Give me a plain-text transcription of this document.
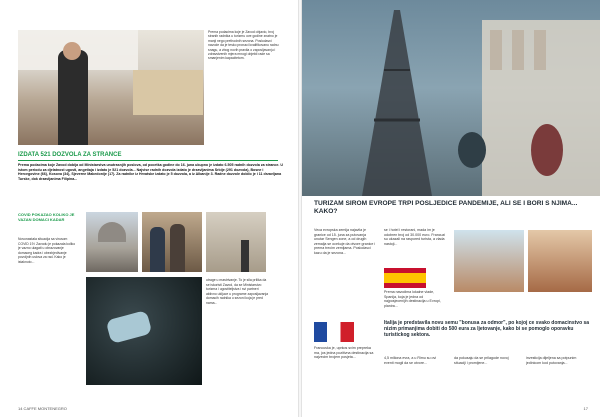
Prema podacima koje je Zavod objavio, broj stranih radnika u turizmu ove godine znatno je manji nego prethodnih sezona. Poslodavci navode da je tesko pronaci kvalifikovanu radnu snagu, a zbog novih pravila o zaposljavanju i zdravstvenih mjera mnogi objekti rade sa smanjenim kapacitetom.
IZDATA 521 DOZVOLA ZA STRANCE
Prema podacima koje Zavod dobija od Ministarstva unutrasnjih poslova, od pocetka godine do 16. juna ukupno je izdato 6.505 radnih dozvola za strance. U istom periodu za djelatnost ugosti, angetiaja i izdato je 521 dozvola... Najvise radnih dozvola izdato je drzavljanima Srbije (291 dozvola), Bosne i Hercegovine (66), Kosova (34), Sjeverne Makedonije (17). Za radnike iz Hrvatske izdato je 5 dozvola, a iz Albanije 3. Radne dozvole dobilo je i 11 drzavljana Turske, dok drzavljanima Filipina...
COVID POKAZAO KOLIKO JE VAZAN DOMACI KADAR
Novonastala situacija sa virusom COVID 19 i Zavodu je pokazala koliko je vazno ulagati u obrazovanje domaceg kadra i obezbjedivanje povoljnih uslova za rad. Kako je istaknuto...
utrage u mastrivanje. To je sila prilika da se iskoristi Zavod, da se Ministarstvo turizma i ugostiteljstva i svi partneri aktivno ukljuce u programe zaposljavanja domacih radnika u sezoni koja je pred nama...
14 CAFFE MONTENEGRO
TURIZAM SIROM EVROPE TRPI POSLJEDICE PANDEMIJE, ALI SE I BORI S NJIMA... KAKO?
Veca evropska zemlja najavila je granice od 15. juna za putovanja unutar Sengen zone, a od drugih zemalja se ocekuje da otvore granice i prema trecim zemljama. Poslodavci kazu da je sezona...
se i hotel i restorani, mada im je odobren broj od 30.000 euro. Francuzi su ukazali na raspored turista, a vlada nastoji...
Prema navodima lokalne vlade, Spanija, koja je jedna od najposjecenijih destinacija u Evropi, planira...
Italija je predstavila novu semu "bonusa za odmor", po kojoj ce svako domacinstvo sa nizim primanjima dobiti do 500 eura za ljetovanje, kako bi se pomoglo oporavku turistickog sektora.
Francuska je, uprkos svim prepreka ma, jos jedna pozitivna destinacija sa najvecim brojem posjeta...	4,5 miliona evra, a u Rimu su ovi eventi mogli da se otvore...
da pokusaju da se prilagode novoj situaciji i promijene...
investicija dijeljena sa potpunim jedinicom kod putovanja...
17
